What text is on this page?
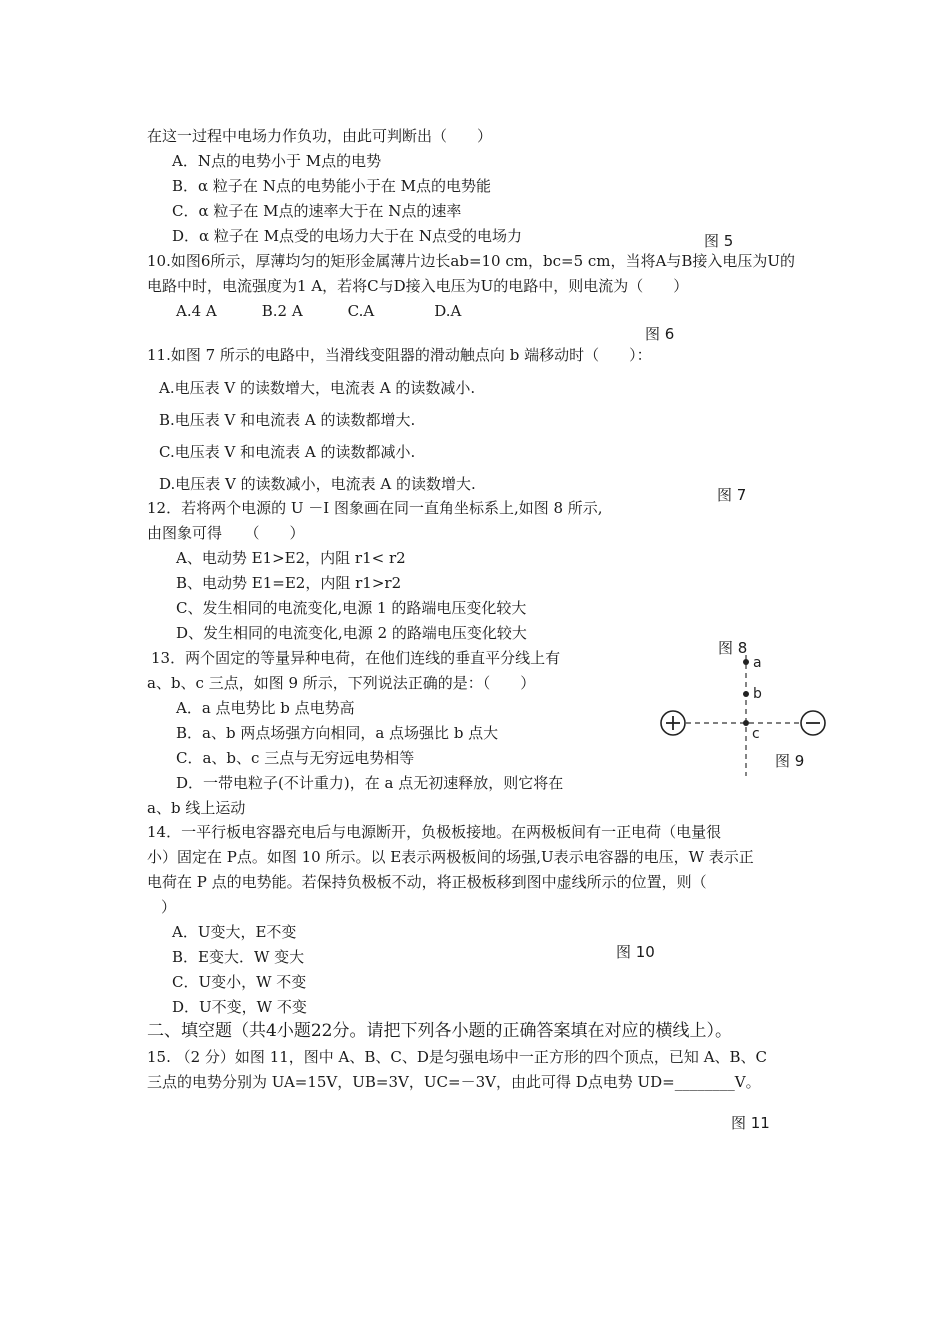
在这一过程中电场力作负功，由此可判断出（　　）
A．N点的电势小于 M点的电势
B．α 粒子在 N点的电势能小于在 M点的电势能
C．α 粒子在 M点的速率大于在 N点的速率
D．α 粒子在 M点受的电场力大于在 N点受的电场力	图 5
10.如图6所示，厚薄均匀的矩形金属薄片边长ab=10 cm，bc=5 cm，当将A与B接入电压为U的
电路中时，电流强度为1 A，若将C与D接入电压为U的电路中，则电流为（　　）
A.4 A　　　B.2 A　　　C.A　　　　D.A
图 6
11.如图 7 所示的电路中，当滑线变阻器的滑动触点向 b 端移动时（　　）：
A.电压表 V 的读数增大，电流表 A 的读数减小.
B.电压表 V 和电流表 A 的读数都增大.
C.电压表 V 和电流表 A 的读数都减小.
D.电压表 V 的读数减小，电流表 A 的读数增大.
图 7
12．若将两个电源的 U －I 图象画在同一直角坐标系上,如图 8 所示,
由图象可得　　（　　）
A、电动势 E1>E2，内阻 r1< r2
B、电动势 E1=E2，内阻 r1>r2
C、发生相同的电流变化,电源 1 的路端电压变化较大
D、发生相同的电流变化,电源 2 的路端电压变化较大
图 8
13．两个固定的等量异种电荷，在他们连线的垂直平分线上有
a、b、c 三点，如图 9 所示，下列说法正确的是：（　　）
A．a 点电势比 b 点电势高
B．a、b 两点场强方向相同，a 点场强比 b 点大
C．a、b、c 三点与无穷远电势相等
D．一带电粒子(不计重力)，在 a 点无初速释放，则它将在
a、b 线上运动
a
b
c
图 9
14．一平行板电容器充电后与电源断开，负极板接地。在两极板间有一正电荷（电量很
小）固定在 P点。如图 10 所示。以 E表示两极板间的场强,U表示电容器的电压，W 表示正
电荷在 P 点的电势能。若保持负极板不动，将正极板移到图中虚线所示的位置，则（
）
A．U变大，E不变
B．E变大．W 变大	图 10
C．U变小，W 不变
D．U不变，W 不变
二、填空题（共4小题22分。请把下列各小题的正确答案填在对应的横线上）。
15. （2 分）如图 11，图中 A、B、C、D是匀强电场中一正方形的四个顶点，已知 A、B、C
三点的电势分别为 UA=15V，UB=3V，UC=－3V，由此可得 D点电势 UD=________V。
图 11
